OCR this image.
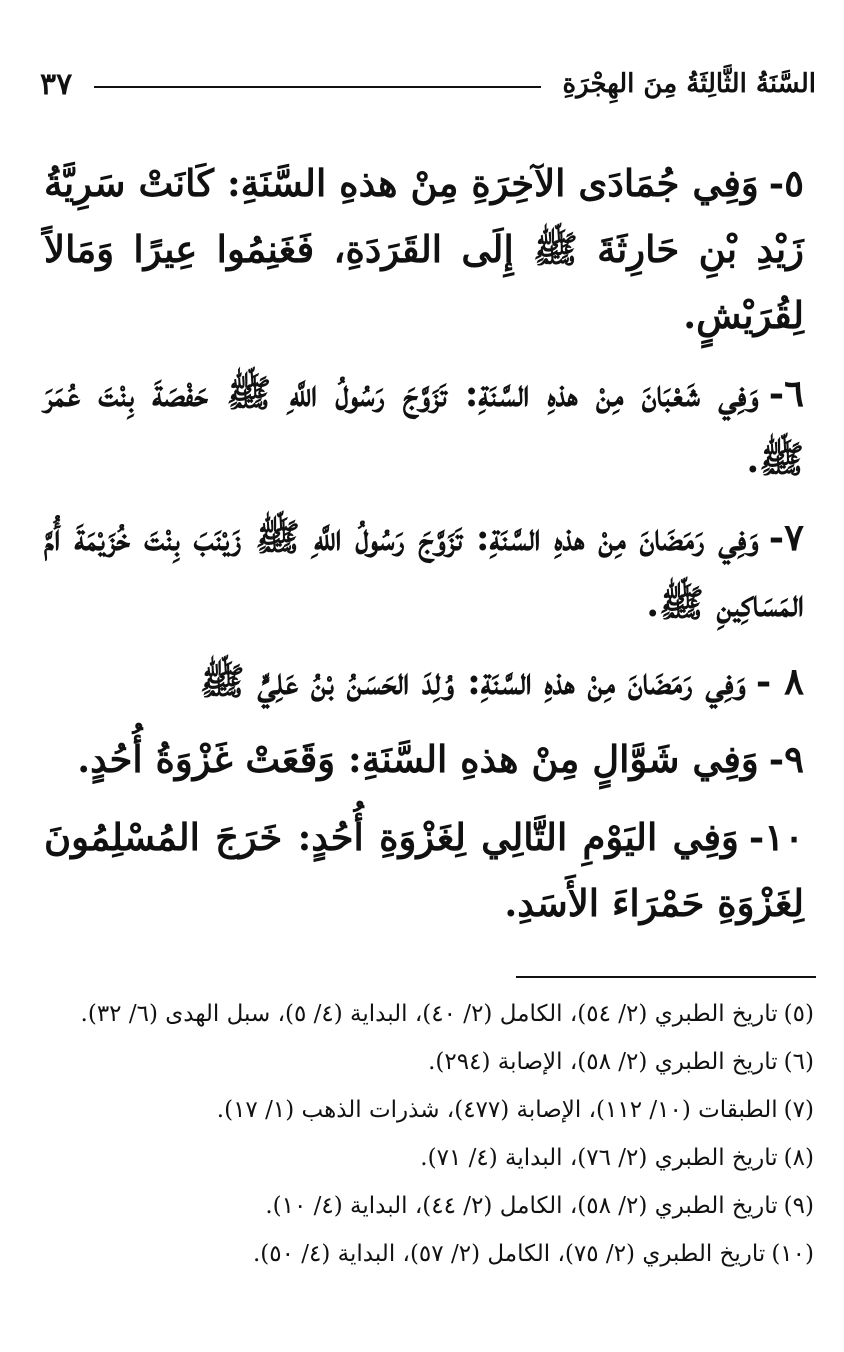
السَّنَةُ الثَّالِثَةُ مِنَ الهِجْرَةِ
٣٧

٥-وَفِي جُمَادَى الآخِرَةِ مِنْ هذهِ السَّنَةِ: كَانَتْ سَرِيَّةُ زَيْدِ بْنِ حَارِثَةَ ﷺ إِلَى القَرَدَةِ، فَغَنِمُوا عِيرًا وَمَالاً لِقُرَيْشٍ.

٦-وَفِي شَعْبَانَ مِنْ هذهِ السَّنَةِ: تَزَوَّجَ رَسُولُ اللَّهِ ﷺ حَفْصَةَ بِنْتَ عُمَرَ ﷺ.

٧-وَفِي رَمَضَانَ مِنْ هذهِ السَّنَةِ: تَزَوَّجَ رَسُولُ اللَّهِ ﷺ زَيْنَبَ بِنْتَ خُزَيْمَةَ أُمَّ المَسَاكِينِ ﷺ.

٨ -وَفِي رَمَضَانَ مِنْ هذهِ السَّنَةِ: وُلِدَ الحَسَنُ بْنُ عَلِيٍّ ﷺ

٩-وَفِي شَوَّالٍ مِنْ هذهِ السَّنَةِ: وَقَعَتْ غَزْوَةُ أُحُدٍ.

١٠-وَفِي اليَوْمِ التَّالِي لِغَزْوَةِ أُحُدٍ: خَرَجَ المُسْلِمُونَ لِغَزْوَةِ حَمْرَاءَ الأَسَدِ.

(٥)تاريخ الطبري (٢/ ٥٤)، الكامل (٢/ ٤٠)، البداية (٤/ ٥)، سبل الهدى (٦/ ٣٢).

(٦)تاريخ الطبري (٢/ ٥٨)، الإصابة (٢٩٤).

(٧)الطبقات (١٠/ ١١٢)، الإصابة (٤٧٧)، شذرات الذهب (١/ ١٧).

(٨)تاريخ الطبري (٢/ ٧٦)، البداية (٤/ ٧١).

(٩)تاريخ الطبري (٢/ ٥٨)، الكامل (٢/ ٤٤)، البداية (٤/ ١٠).

(١٠)تاريخ الطبري (٢/ ٧٥)، الكامل (٢/ ٥٧)، البداية (٤/ ٥٠).
